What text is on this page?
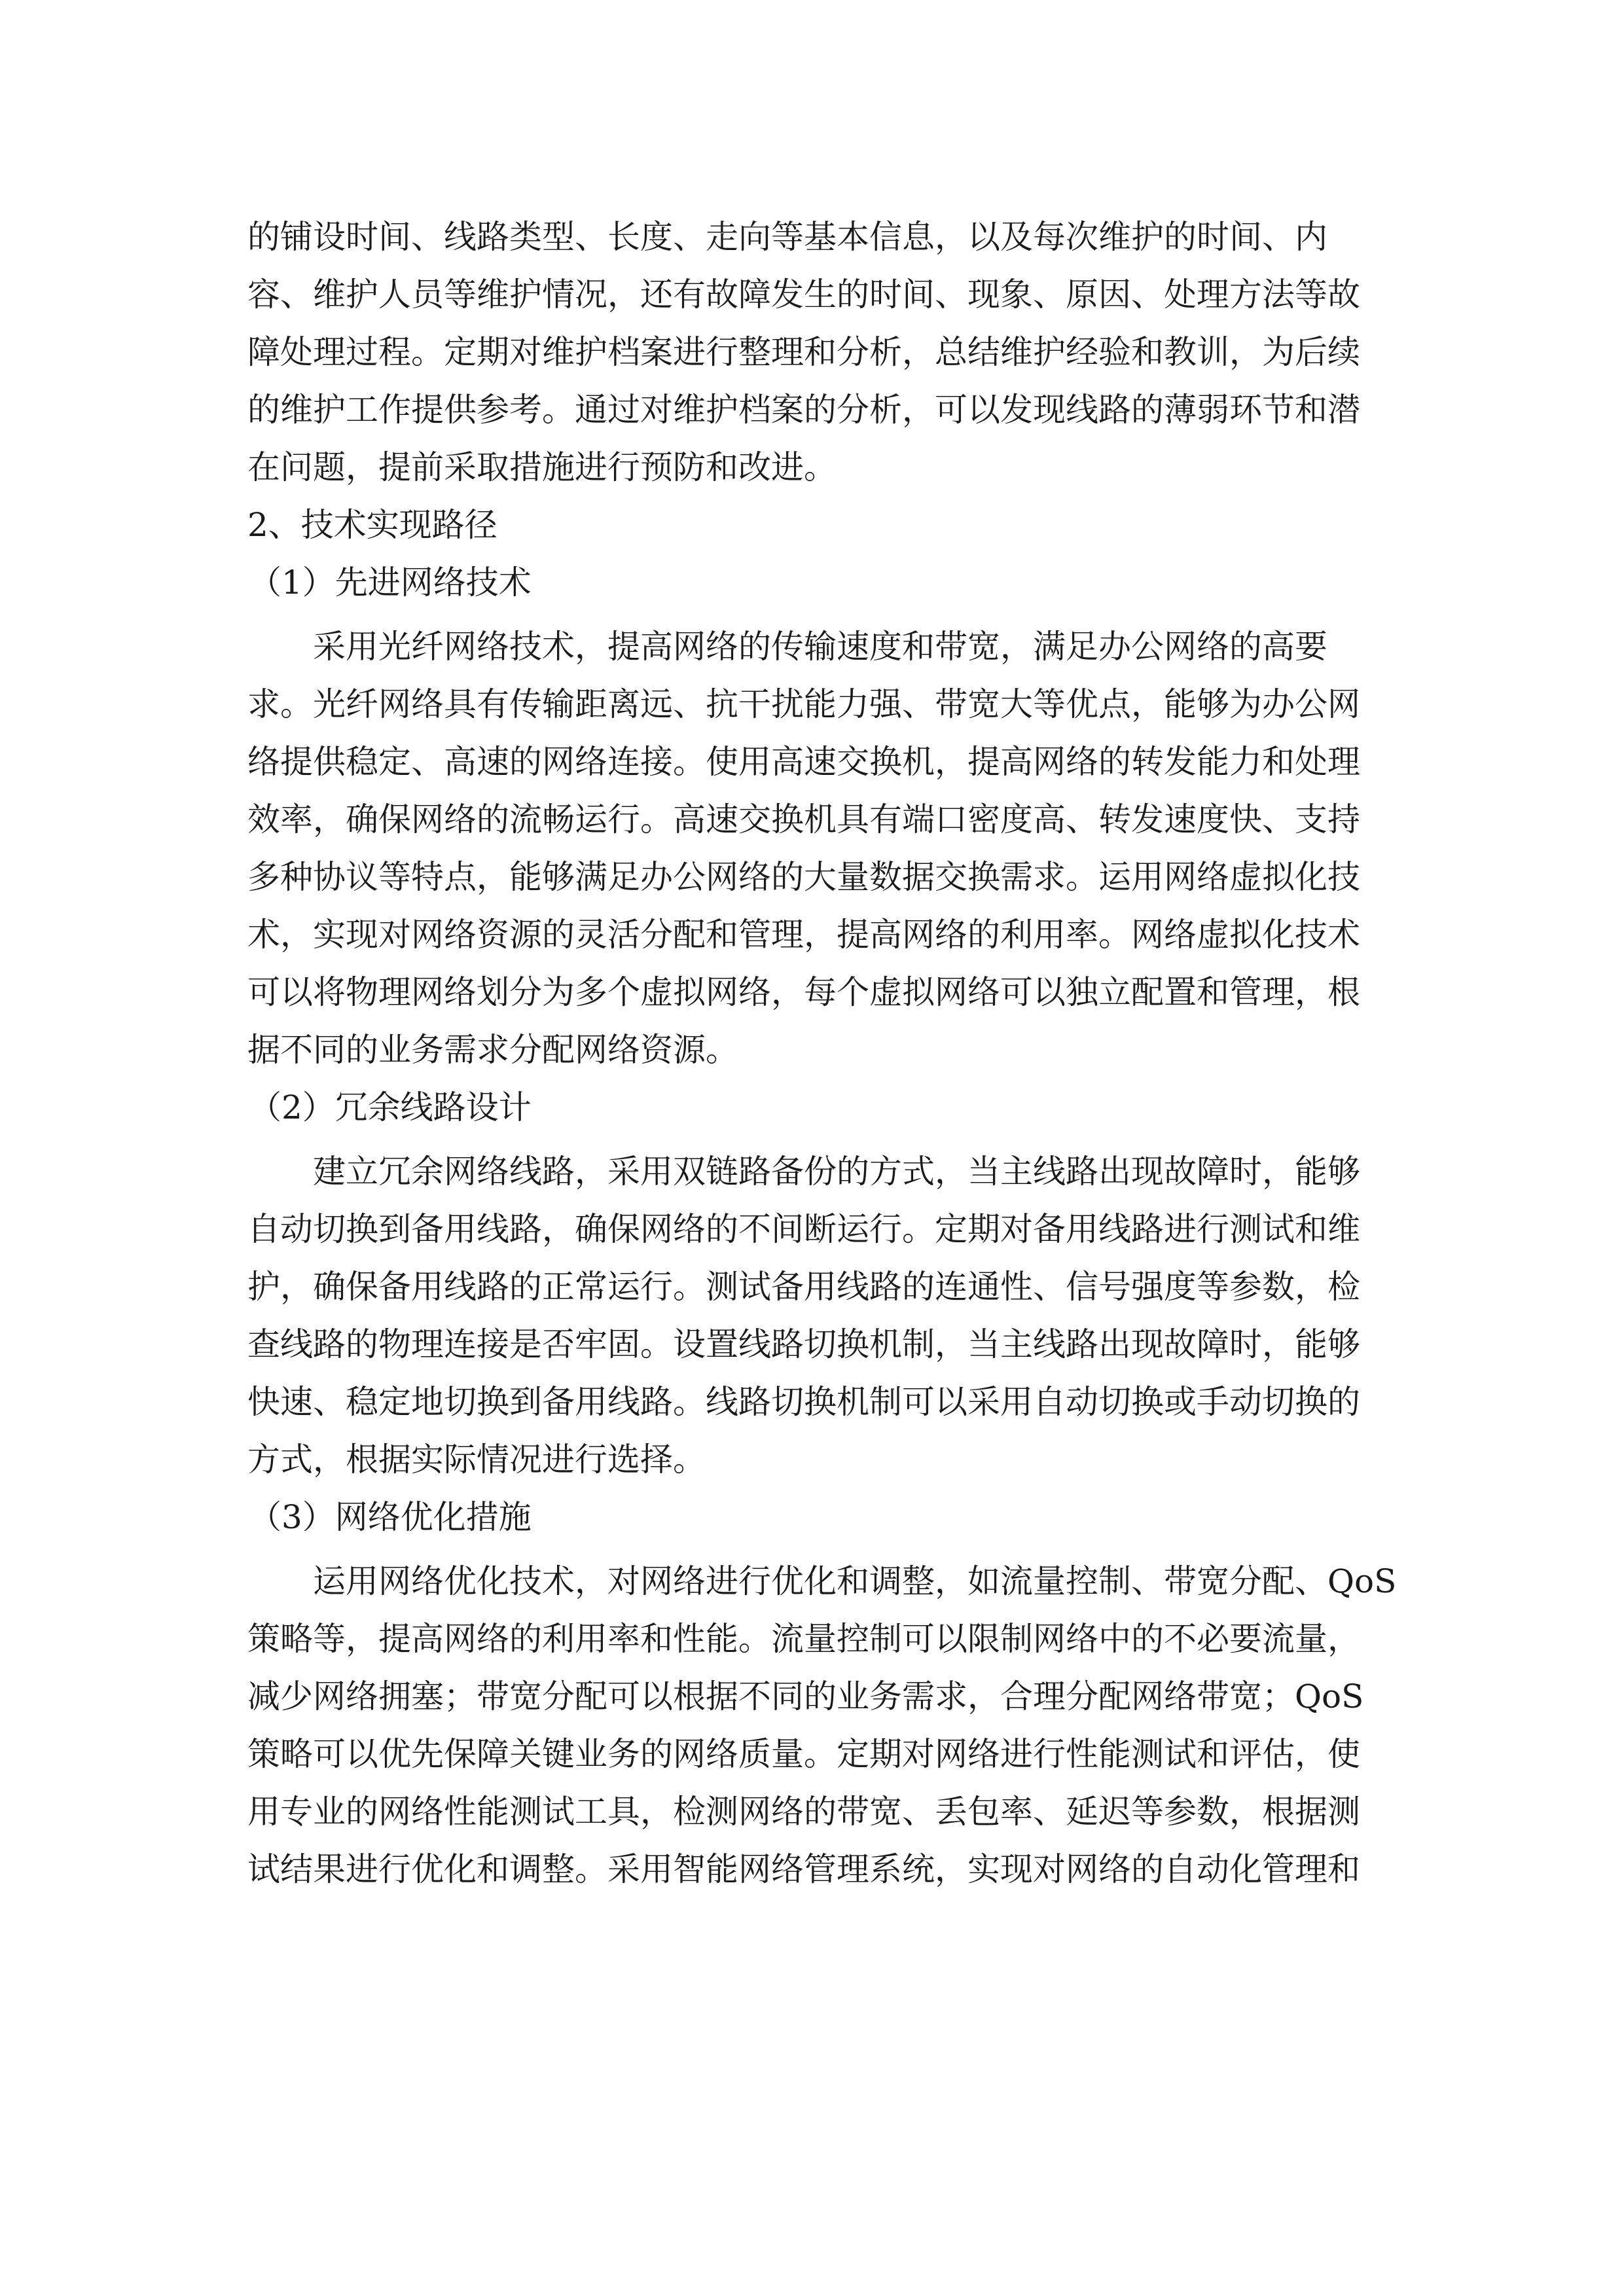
的铺设时间、线路类型、长度、走向等基本信息，以及每次维护的时间、内
容、维护人员等维护情况，还有故障发生的时间、现象、原因、处理方法等故
障处理过程。定期对维护档案进行整理和分析，总结维护经验和教训，为后续
的维护工作提供参考。通过对维护档案的分析，可以发现线路的薄弱环节和潜
在问题，提前采取措施进行预防和改进。
2、技术实现路径
（1）先进网络技术
采用光纤网络技术，提高网络的传输速度和带宽，满足办公网络的高要
求。光纤网络具有传输距离远、抗干扰能力强、带宽大等优点，能够为办公网
络提供稳定、高速的网络连接。使用高速交换机，提高网络的转发能力和处理
效率，确保网络的流畅运行。高速交换机具有端口密度高、转发速度快、支持
多种协议等特点，能够满足办公网络的大量数据交换需求。运用网络虚拟化技
术，实现对网络资源的灵活分配和管理，提高网络的利用率。网络虚拟化技术
可以将物理网络划分为多个虚拟网络，每个虚拟网络可以独立配置和管理，根
据不同的业务需求分配网络资源。
（2）冗余线路设计
建立冗余网络线路，采用双链路备份的方式，当主线路出现故障时，能够
自动切换到备用线路，确保网络的不间断运行。定期对备用线路进行测试和维
护，确保备用线路的正常运行。测试备用线路的连通性、信号强度等参数，检
查线路的物理连接是否牢固。设置线路切换机制，当主线路出现故障时，能够
快速、稳定地切换到备用线路。线路切换机制可以采用自动切换或手动切换的
方式，根据实际情况进行选择。
（3）网络优化措施
运用网络优化技术，对网络进行优化和调整，如流量控制、带宽分配、QoS
策略等，提高网络的利用率和性能。流量控制可以限制网络中的不必要流量，
减少网络拥塞；带宽分配可以根据不同的业务需求，合理分配网络带宽；QoS
策略可以优先保障关键业务的网络质量。定期对网络进行性能测试和评估，使
用专业的网络性能测试工具，检测网络的带宽、丢包率、延迟等参数，根据测
试结果进行优化和调整。采用智能网络管理系统，实现对网络的自动化管理和
